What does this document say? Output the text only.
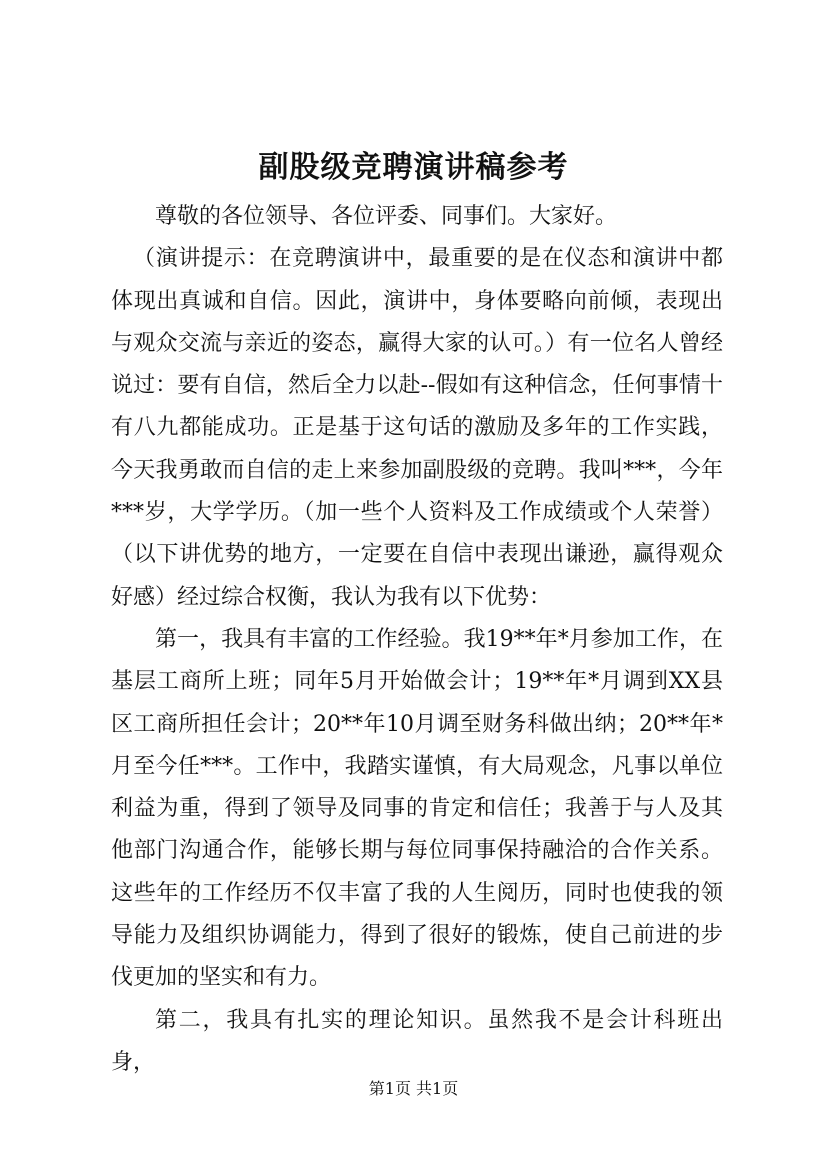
副股级竞聘演讲稿参考

尊敬的各位领导、各位评委、同事们。大家好。

（演讲提示：在竞聘演讲中，最重要的是在仪态和演讲中都体现出真诚和自信。因此，演讲中，身体要略向前倾，表现出与观众交流与亲近的姿态，赢得大家的认可。）有一位名人曾经说过：要有自信，然后全力以赴--假如有这种信念，任何事情十有八九都能成功。正是基于这句话的激励及多年的工作实践，今天我勇敢而自信的走上来参加副股级的竞聘。我叫***，今年***岁，大学学历。（加一些个人资料及工作成绩或个人荣誉）（以下讲优势的地方，一定要在自信中表现出谦逊，赢得观众好感）经过综合权衡，我认为我有以下优势：

第一，我具有丰富的工作经验。我19**年*月参加工作，在基层工商所上班；同年5月开始做会计；19**年*月调到XX县区工商所担任会计；20**年10月调至财务科做出纳；20**年*月至今任***。工作中，我踏实谨慎，有大局观念，凡事以单位利益为重，得到了领导及同事的肯定和信任；我善于与人及其他部门沟通合作，能够长期与每位同事保持融洽的合作关系。这些年的工作经历不仅丰富了我的人生阅历，同时也使我的领导能力及组织协调能力，得到了很好的锻炼，使自己前进的步伐更加的坚实和有力。

第二，我具有扎实的理论知识。虽然我不是会计科班出身，

第1页 共1页
